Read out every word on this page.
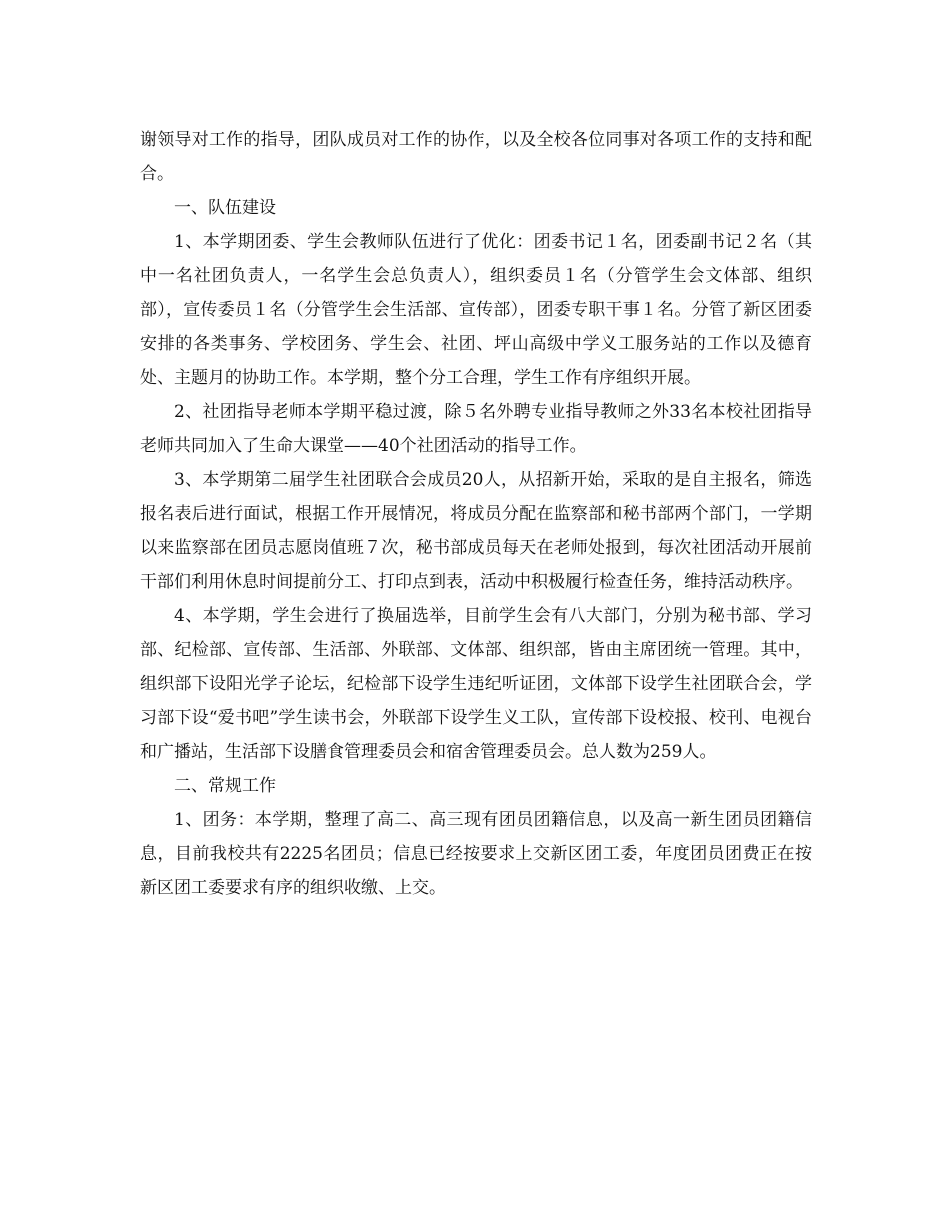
谢领导对工作的指导，团队成员对工作的协作，以及全校各位同事对各项工作的支持和配合。

一、队伍建设

1、本学期团委、学生会教师队伍进行了优化：团委书记１名，团委副书记２名（其中一名社团负责人，一名学生会总负责人），组织委员１名（分管学生会文体部、组织部），宣传委员１名（分管学生会生活部、宣传部），团委专职干事１名。分管了新区团委安排的各类事务、学校团务、学生会、社团、坪山高级中学义工服务站的工作以及德育处、主题月的协助工作。本学期，整个分工合理，学生工作有序组织开展。

2、社团指导老师本学期平稳过渡，除５名外聘专业指导教师之外33名本校社团指导老师共同加入了生命大课堂——40个社团活动的指导工作。

3、本学期第二届学生社团联合会成员20人，从招新开始，采取的是自主报名，筛选报名表后进行面试，根据工作开展情况，将成员分配在监察部和秘书部两个部门，一学期以来监察部在团员志愿岗值班７次，秘书部成员每天在老师处报到，每次社团活动开展前干部们利用休息时间提前分工、打印点到表，活动中积极履行检查任务，维持活动秩序。

4、本学期，学生会进行了换届选举，目前学生会有八大部门，分别为秘书部、学习部、纪检部、宣传部、生活部、外联部、文体部、组织部，皆由主席团统一管理。其中，组织部下设阳光学子论坛，纪检部下设学生违纪听证团，文体部下设学生社团联合会，学习部下设“爱书吧”学生读书会，外联部下设学生义工队，宣传部下设校报、校刊、电视台和广播站，生活部下设膳食管理委员会和宿舍管理委员会。总人数为259人。

二、常规工作

1、团务：本学期，整理了高二、高三现有团员团籍信息，以及高一新生团员团籍信息，目前我校共有2225名团员；信息已经按要求上交新区团工委，年度团员团费正在按新区团工委要求有序的组织收缴、上交。
